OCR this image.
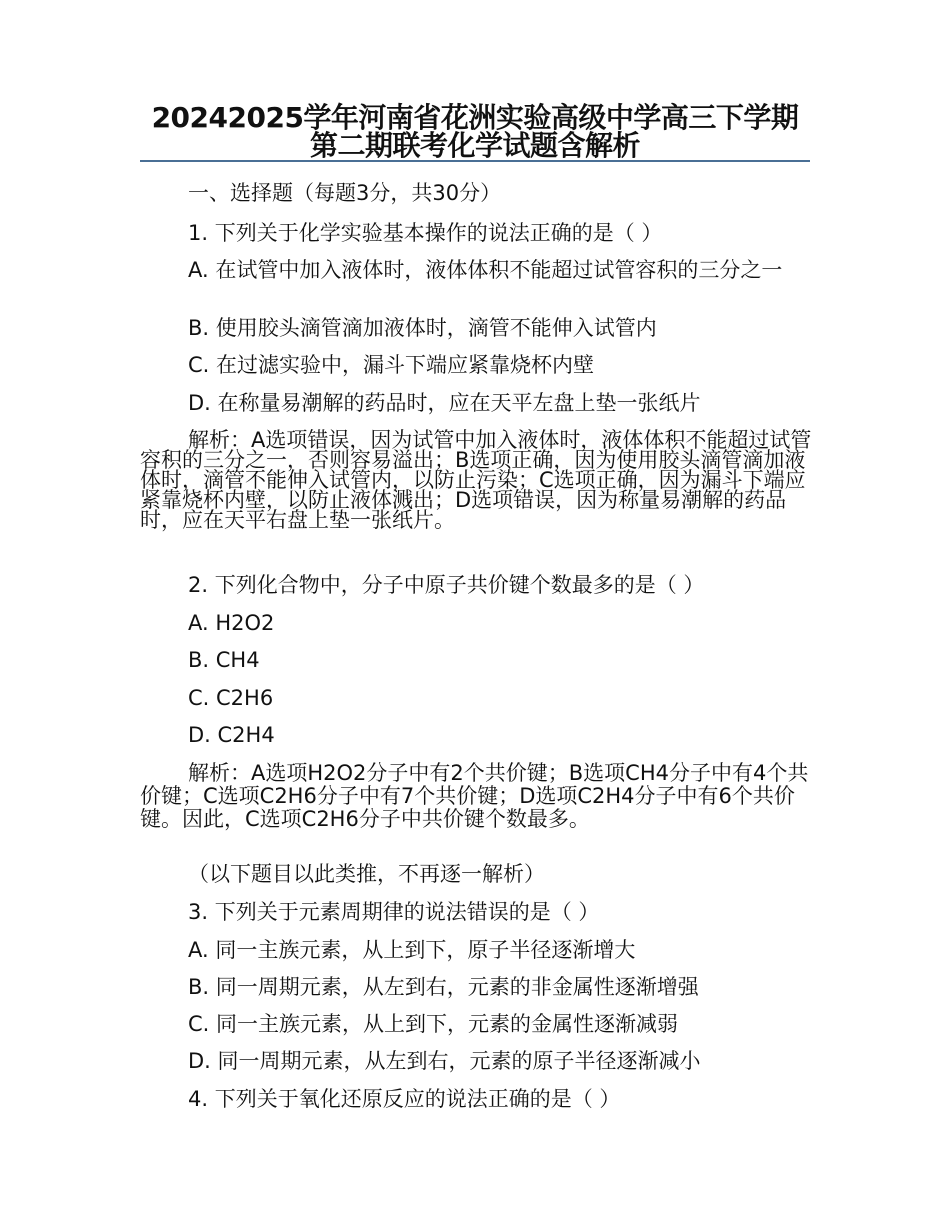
20242025学年河南省花洲实验高级中学高三下学期第二期联考化学试题含解析
一、选择题（每题3分，共30分）
1. 下列关于化学实验基本操作的说法正确的是（ ）
A. 在试管中加入液体时，液体体积不能超过试管容积的三分之一
B. 使用胶头滴管滴加液体时，滴管不能伸入试管内
C. 在过滤实验中，漏斗下端应紧靠烧杯内壁
D. 在称量易潮解的药品时，应在天平左盘上垫一张纸片
解析：A选项错误，因为试管中加入液体时，液体体积不能超过试管容积的三分之一，否则容易溢出；B选项正确，因为使用胶头滴管滴加液体时，滴管不能伸入试管内，以防止污染；C选项正确，因为漏斗下端应紧靠烧杯内壁，以防止液体溅出；D选项错误，因为称量易潮解的药品时，应在天平右盘上垫一张纸片。
2. 下列化合物中，分子中原子共价键个数最多的是（ ）
A. H2O2
B. CH4
C. C2H6
D. C2H4
解析：A选项H2O2分子中有2个共价键；B选项CH4分子中有4个共价键；C选项C2H6分子中有7个共价键；D选项C2H4分子中有6个共价键。因此，C选项C2H6分子中共价键个数最多。
（以下题目以此类推，不再逐一解析）
3. 下列关于元素周期律的说法错误的是（ ）
A. 同一主族元素，从上到下，原子半径逐渐增大
B. 同一周期元素，从左到右，元素的非金属性逐渐增强
C. 同一主族元素，从上到下，元素的金属性逐渐减弱
D. 同一周期元素，从左到右，元素的原子半径逐渐减小
4. 下列关于氧化还原反应的说法正确的是（ ）
